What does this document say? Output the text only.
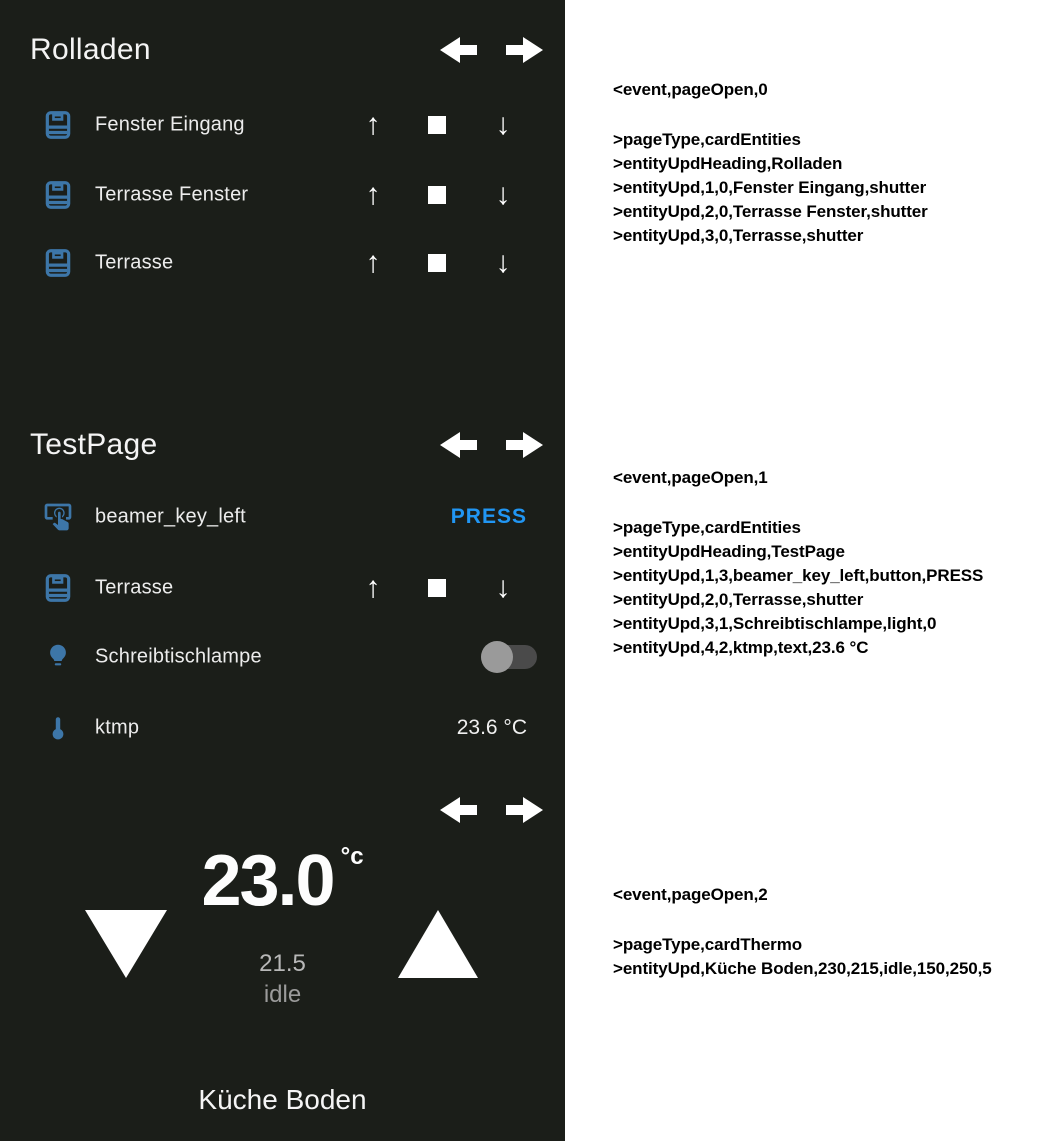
Rolladen
Fenster Eingang	↑	↓
Terrasse Fenster	↑	↓
Terrasse	↑	↓
TestPage
beamer_key_left	PRESS
Terrasse	↑	↓
Schreibtischlampe
ktmp	23.6 °C
23.0 °c
21.5
idle
Küche Boden
<event,pageOpen,0
>pageType,cardEntities
>entityUpdHeading,Rolladen
>entityUpd,1,0,Fenster Eingang,shutter
>entityUpd,2,0,Terrasse Fenster,shutter
>entityUpd,3,0,Terrasse,shutter
<event,pageOpen,1
>pageType,cardEntities
>entityUpdHeading,TestPage
>entityUpd,1,3,beamer_key_left,button,PRESS
>entityUpd,2,0,Terrasse,shutter
>entityUpd,3,1,Schreibtischlampe,light,0
>entityUpd,4,2,ktmp,text,23.6 °C
<event,pageOpen,2
>pageType,cardThermo
>entityUpd,Küche Boden,230,215,idle,150,250,5
